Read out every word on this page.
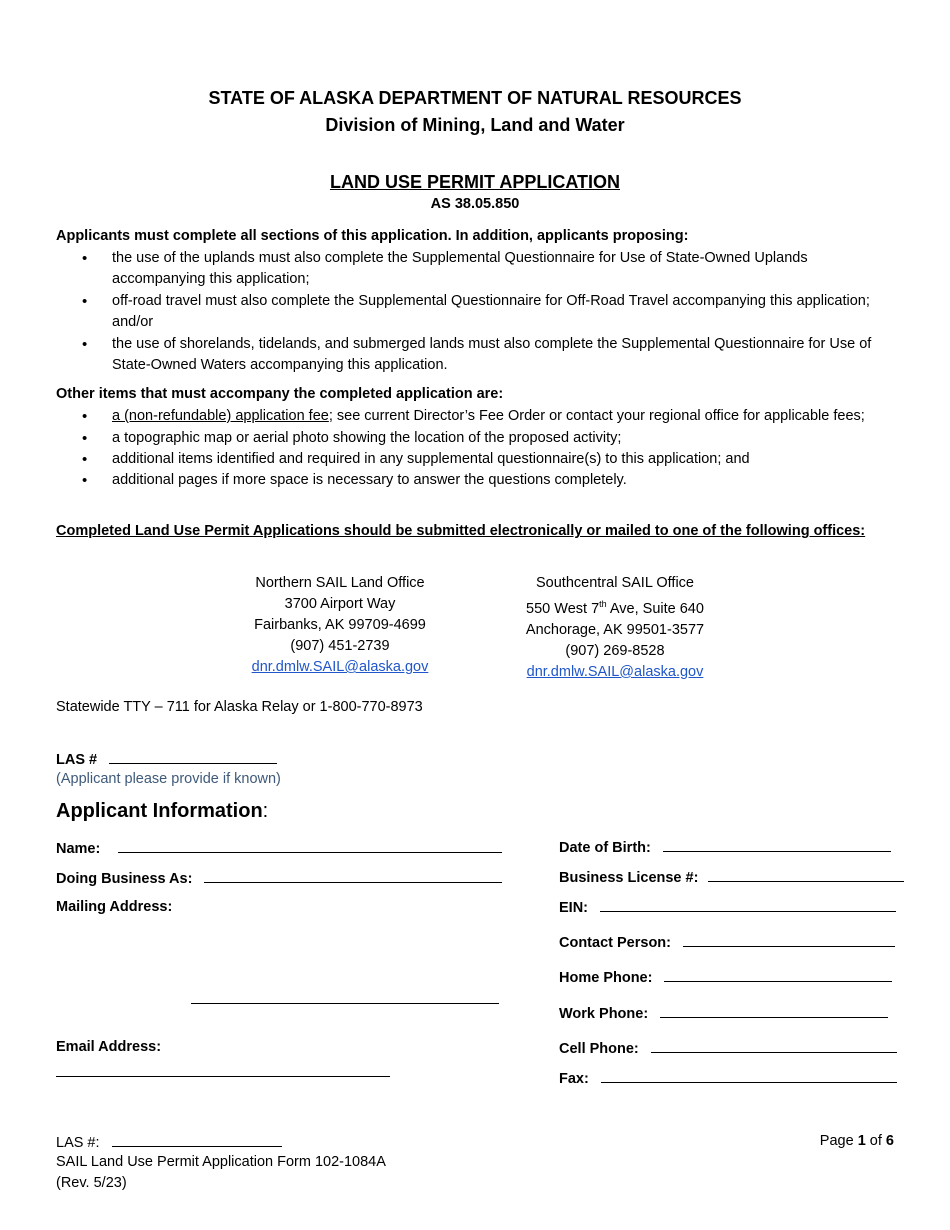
STATE OF ALASKA DEPARTMENT OF NATURAL RESOURCES
Division of Mining, Land and Water
LAND USE PERMIT APPLICATION
AS 38.05.850
Applicants must complete all sections of this application. In addition, applicants proposing:
• the use of the uplands must also complete the Supplemental Questionnaire for Use of State-Owned Uplands accompanying this application;
• off-road travel must also complete the Supplemental Questionnaire for Off-Road Travel accompanying this application; and/or
• the use of shorelands, tidelands, and submerged lands must also complete the Supplemental Questionnaire for Use of State-Owned Waters accompanying this application.
Other items that must accompany the completed application are:
• a (non-refundable) application fee; see current Director’s Fee Order or contact your regional office for applicable fees;
• a topographic map or aerial photo showing the location of the proposed activity;
• additional items identified and required in any supplemental questionnaire(s) to this application; and
• additional pages if more space is necessary to answer the questions completely.
Completed Land Use Permit Applications should be submitted electronically or mailed to one of the following offices:
Northern SAIL Land Office
3700 Airport Way
Fairbanks, AK 99709-4699
(907) 451-2739
dnr.dmlw.SAIL@alaska.gov
Southcentral SAIL Office
550 West 7th Ave, Suite 640
Anchorage, AK 99501-3577
(907) 269-8528
dnr.dmlw.SAIL@alaska.gov
Statewide TTY – 711 for Alaska Relay or 1-800-770-8973
LAS #
(Applicant please provide if known)
Applicant Information:
Name:
Doing Business As:
Mailing Address:
Email Address:
Date of Birth:
Business License #:
EIN:
Contact Person:
Home Phone:
Work Phone:
Cell Phone:
Fax:
LAS #:
SAIL Land Use Permit Application Form 102-1084A
(Rev. 5/23)
Page 1 of 6
